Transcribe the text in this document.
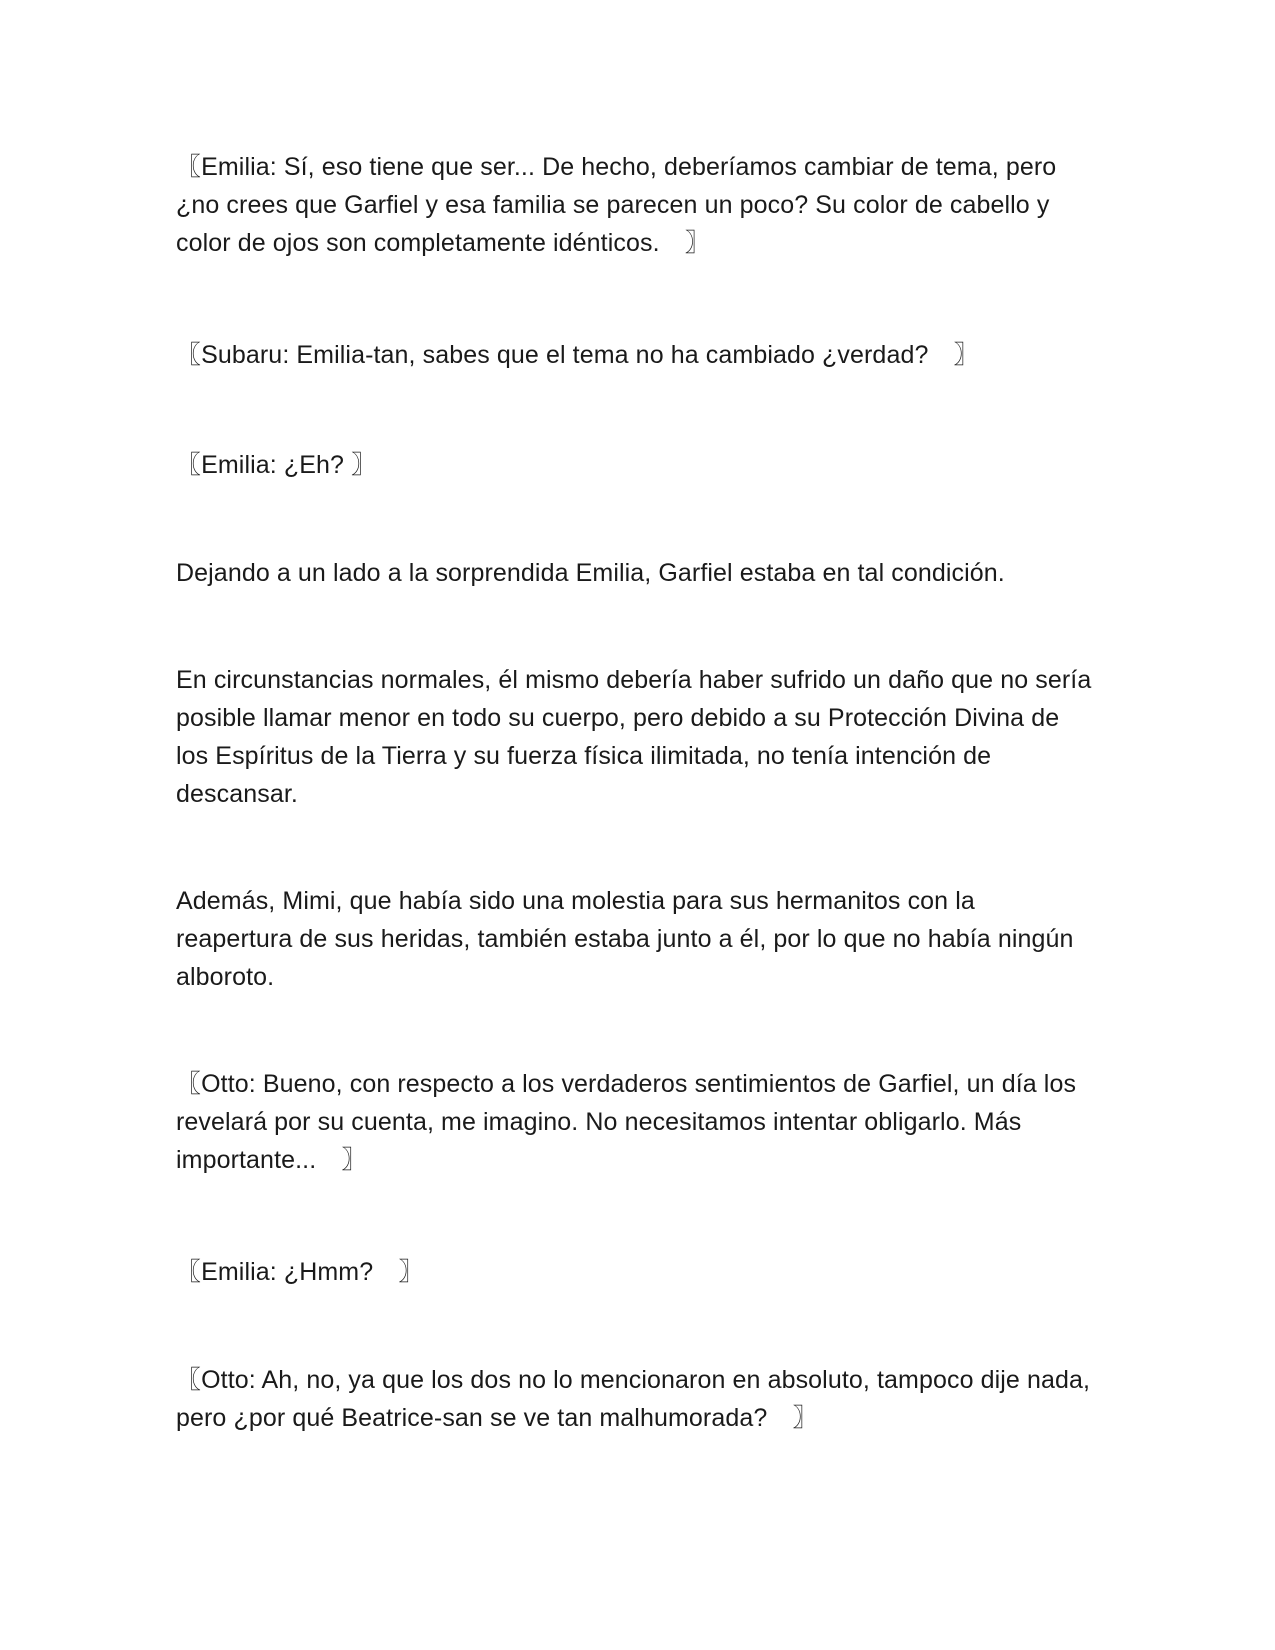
〖Emilia: Sí, eso tiene que ser... De hecho, deberíamos cambiar de tema, pero ¿no crees que Garfiel y esa familia se parecen un poco? Su color de cabello y color de ojos son completamente idénticos.　〗

〖Subaru: Emilia-tan, sabes que el tema no ha cambiado ¿verdad?　〗

〖Emilia: ¿Eh? 〗

Dejando a un lado a la sorprendida Emilia, Garfiel estaba en tal condición.

En circunstancias normales, él mismo debería haber sufrido un daño que no sería posible llamar menor en todo su cuerpo, pero debido a su Protección Divina de los Espíritus de la Tierra y su fuerza física ilimitada, no tenía intención de descansar.

Además, Mimi, que había sido una molestia para sus hermanitos con la reapertura de sus heridas, también estaba junto a él, por lo que no había ningún alboroto.

〖Otto: Bueno, con respecto a los verdaderos sentimientos de Garfiel, un día los revelará por su cuenta, me imagino. No necesitamos intentar obligarlo. Más importante...　〗

〖Emilia: ¿Hmm?　〗

〖Otto: Ah, no, ya que los dos no lo mencionaron en absoluto, tampoco dije nada, pero ¿por qué Beatrice-san se ve tan malhumorada?　〗
